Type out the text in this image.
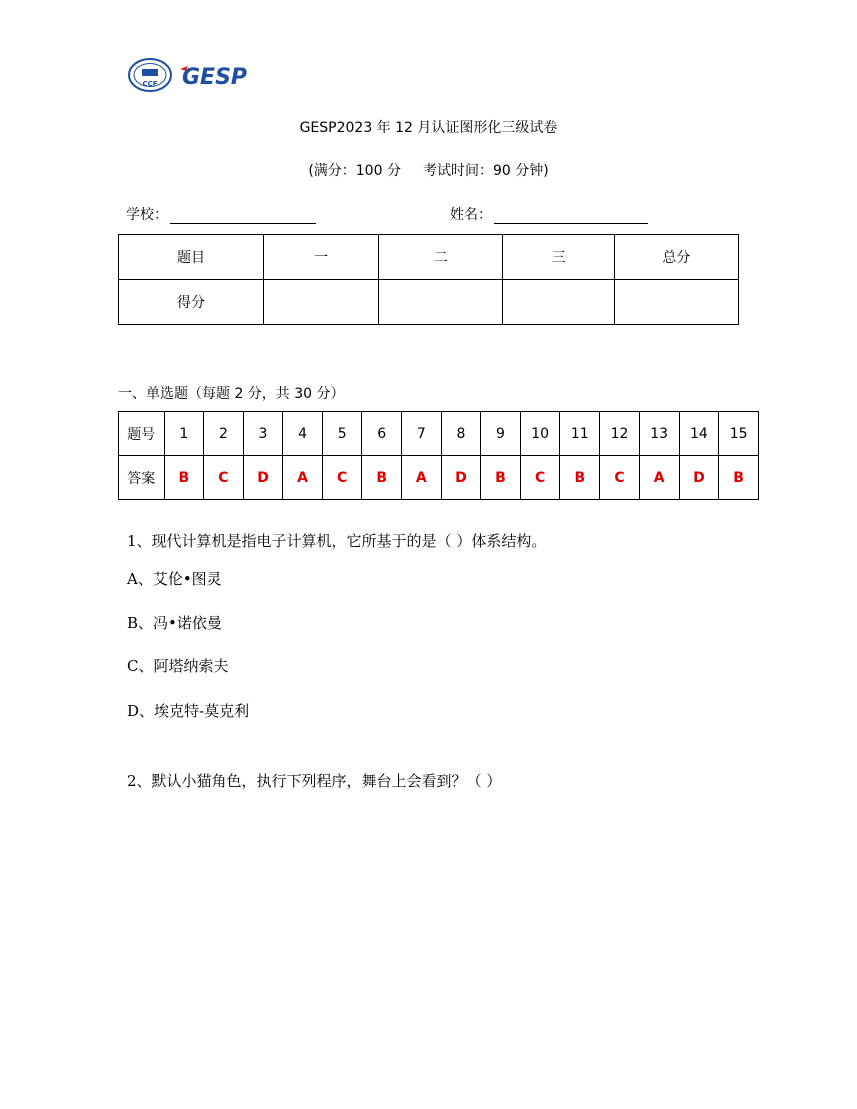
CCF GESP
GESP2023 年 12 月认证图形化三级试卷
(满分：100 分 考试时间：90 分钟)
学校：	姓名：
题目	一	二	三	总分
得分				
一、单选题（每题 2 分，共 30 分）
题号	1	2	3	4	5	6	7	8	9	10	11	12	13	14	15
答案	B	C	D	A	C	B	A	D	B	C	B	C	A	D	B
1、现代计算机是指电子计算机，它所基于的是（ ）体系结构。
A、艾伦•图灵
B、冯•诺依曼
C、阿塔纳索夫
D、埃克特-莫克利
2、默认小猫角色，执行下列程序，舞台上会看到？（ ）
